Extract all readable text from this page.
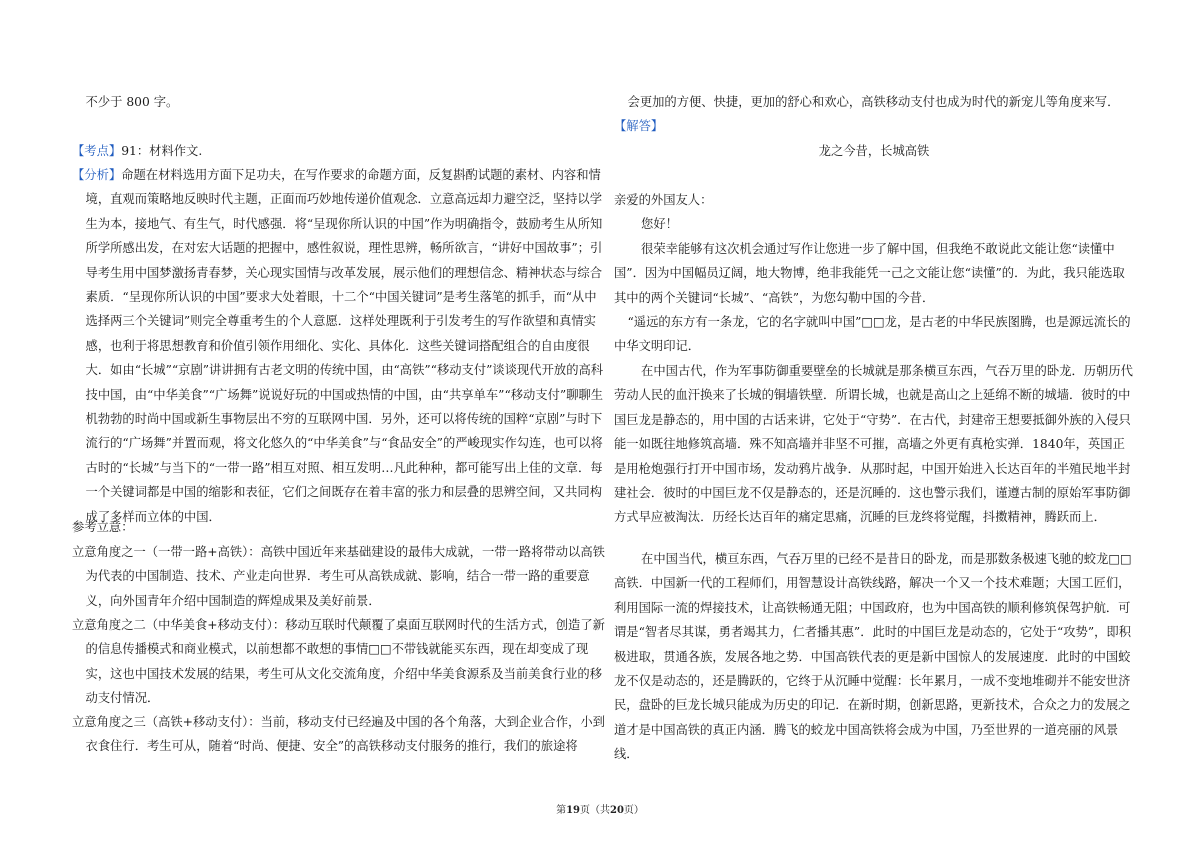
不少于 800 字。

【考点】91：材料作文.

【分析】命题在材料选用方面下足功夫，在写作要求的命题方面，反复斟酌试题的素材、内容和情境，直观而策略地反映时代主题，正面而巧妙地传递价值观念．立意高远却力避空泛，坚持以学生为本，接地气、有生气，时代感强．将“呈现你所认识的中国”作为明确指令，鼓励考生从所知所学所感出发，在对宏大话题的把握中，感性叙说，理性思辨，畅所欲言，“讲好中国故事”；引导考生用中国梦激扬青春梦，关心现实国情与改革发展，展示他们的理想信念、精神状态与综合素质．“呈现你所认识的中国”要求大处着眼，十二个“中国关键词”是考生落笔的抓手，而“从中选择两三个关键词”则完全尊重考生的个人意愿．这样处理既利于引发考生的写作欲望和真情实感，也利于将思想教育和价值引领作用细化、实化、具体化．这些关键词搭配组合的自由度很大．如由“长城”“京剧”讲讲拥有古老文明的传统中国，由“高铁”“移动支付”谈谈现代开放的高科技中国，由“中华美食”“广场舞”说说好玩的中国或热情的中国，由“共享单车”“移动支付”聊聊生机勃勃的时尚中国或新生事物层出不穷的互联网中国．另外，还可以将传统的国粹“京剧”与时下流行的“广场舞”并置而观，将文化悠久的“中华美食”与“食品安全”的严峻现实作勾连，也可以将古时的“长城”与当下的“一带一路”相互对照、相互发明…凡此种种，都可能写出上佳的文章．每一个关键词都是中国的缩影和表征，它们之间既存在着丰富的张力和层叠的思辨空间，又共同构成了多样而立体的中国．

参考立意：

立意角度之一（一带一路+高铁）：高铁中国近年来基础建设的最伟大成就，一带一路将带动以高铁为代表的中国制造、技术、产业走向世界．考生可从高铁成就、影响，结合一带一路的重要意义，向外国青年介绍中国制造的辉煌成果及美好前景．

立意角度之二（中华美食+移动支付）：移动互联时代颠覆了桌面互联网时代的生活方式，创造了新的信息传播模式和商业模式，以前想都不敢想的事情□□不带钱就能买东西，现在却变成了现实，这也中国技术发展的结果，考生可从文化交流角度，介绍中华美食源系及当前美食行业的移动支付情况．

立意角度之三（高铁+移动支付）：当前，移动支付已经遍及中国的各个角落，大到企业合作，小到衣食住行．考生可从，随着“时尚、便捷、安全”的高铁移动支付服务的推行，我们的旅途将

会更加的方便、快捷，更加的舒心和欢心，高铁移动支付也成为时代的新宠儿等角度来写．

【解答】

龙之今昔，长城高铁

亲爱的外国友人：

您好！

很荣幸能够有这次机会通过写作让您进一步了解中国，但我绝不敢说此文能让您“读懂中国”．因为中国幅员辽阔，地大物博，绝非我能凭一己之文能让您“读懂”的．为此，我只能选取其中的两个关键词“长城”、“高铁”，为您勾勒中国的今昔．

“遥远的东方有一条龙，它的名字就叫中国”□□龙，是古老的中华民族图腾，也是源远流长的中华文明印记．

在中国古代，作为军事防御重要壁垒的长城就是那条横亘东西，气吞万里的卧龙．历朝历代劳动人民的血汗换来了长城的铜墙铁壁．所谓长城，也就是高山之上延绵不断的城墙．彼时的中国巨龙是静态的，用中国的古话来讲，它处于“守势”．在古代，封建帝王想要抵御外族的入侵只能一如既往地修筑高墙．殊不知高墙并非坚不可摧，高墙之外更有真枪实弹．1840年，英国正是用枪炮强行打开中国市场，发动鸦片战争．从那时起，中国开始进入长达百年的半殖民地半封建社会．彼时的中国巨龙不仅是静态的，还是沉睡的．这也警示我们，谨遵古制的原始军事防御方式早应被淘汰．历经长达百年的痛定思痛，沉睡的巨龙终将觉醒，抖擞精神，腾跃而上．

在中国当代，横亘东西，气吞万里的已经不是昔日的卧龙，而是那数条极速飞驰的蛟龙□□高铁．中国新一代的工程师们，用智慧设计高铁线路，解决一个又一个技术难题；大国工匠们，利用国际一流的焊接技术，让高铁畅通无阻；中国政府，也为中国高铁的顺利修筑保驾护航．可谓是“智者尽其谋，勇者竭其力，仁者播其惠”．此时的中国巨龙是动态的，它处于“攻势”，即积极进取，贯通各族，发展各地之势．中国高铁代表的更是新中国惊人的发展速度．此时的中国蛟龙不仅是动态的，还是腾跃的，它终于从沉睡中觉醒：长年累月，一成不变地堆砌并不能安世济民，盘卧的巨龙长城只能成为历史的印记．在新时期，创新思路，更新技术，合众之力的发展之道才是中国高铁的真正内涵．腾飞的蛟龙中国高铁将会成为中国，乃至世界的一道亮丽的风景线．

第19页（共20页）
